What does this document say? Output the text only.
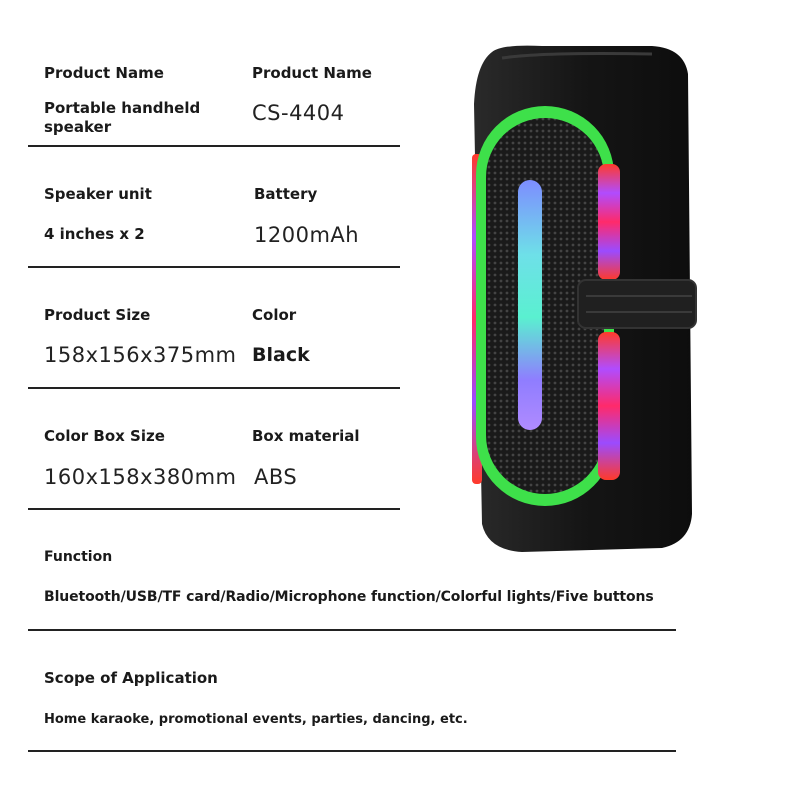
Product Name
Portable handheld speaker
Product Name
CS-4404
Speaker unit
4 inches x 2
Battery
1200mAh
Product Size
158x156x375mm
Color
Black
Color Box Size
160x158x380mm
Box material
ABS
Function
Bluetooth/USB/TF card/Radio/Microphone function/Colorful lights/Five buttons
Scope of Application
Home karaoke, promotional events, parties, dancing, etc.
